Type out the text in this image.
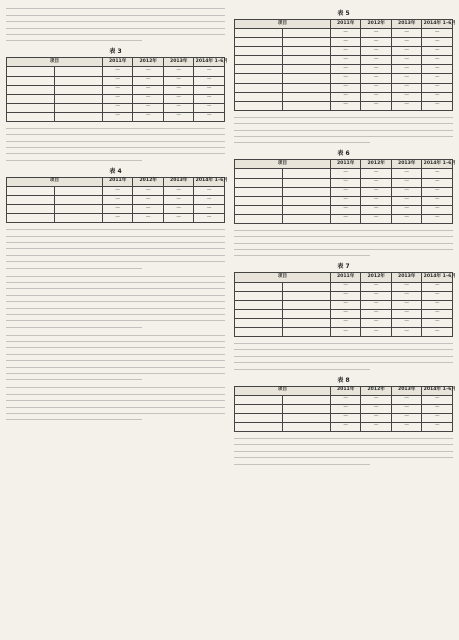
表 3
项目		2011年	2012年	2013年	2014年 1–6月
		—	—	—	—
		—	—	—	—
		—	—	—	—
		—	—	—	—
		—	—	—	—
		—	—	—	—
表 4
项目		2011年	2012年	2013年	2014年 1–6月
		—	—	—	—
		—	—	—	—
		—	—	—	—
		—	—	—	—
表 5
项目		2011年	2012年	2013年	2014年 1–6月
		—	—	—	—
		—	—	—	—
		—	—	—	—
		—	—	—	—
		—	—	—	—
		—	—	—	—
		—	—	—	—
		—	—	—	—
		—	—	—	—
表 6
项目		2011年	2012年	2013年	2014年 1–6月
		—	—	—	—
		—	—	—	—
		—	—	—	—
		—	—	—	—
		—	—	—	—
		—	—	—	—
表 7
项目		2011年	2012年	2013年	2014年 1–6月
		—	—	—	—
		—	—	—	—
		—	—	—	—
		—	—	—	—
		—	—	—	—
		—	—	—	—
表 8
项目		2011年	2012年	2013年	2014年 1–6月
		—	—	—	—
		—	—	—	—
		—	—	—	—
		—	—	—	—
